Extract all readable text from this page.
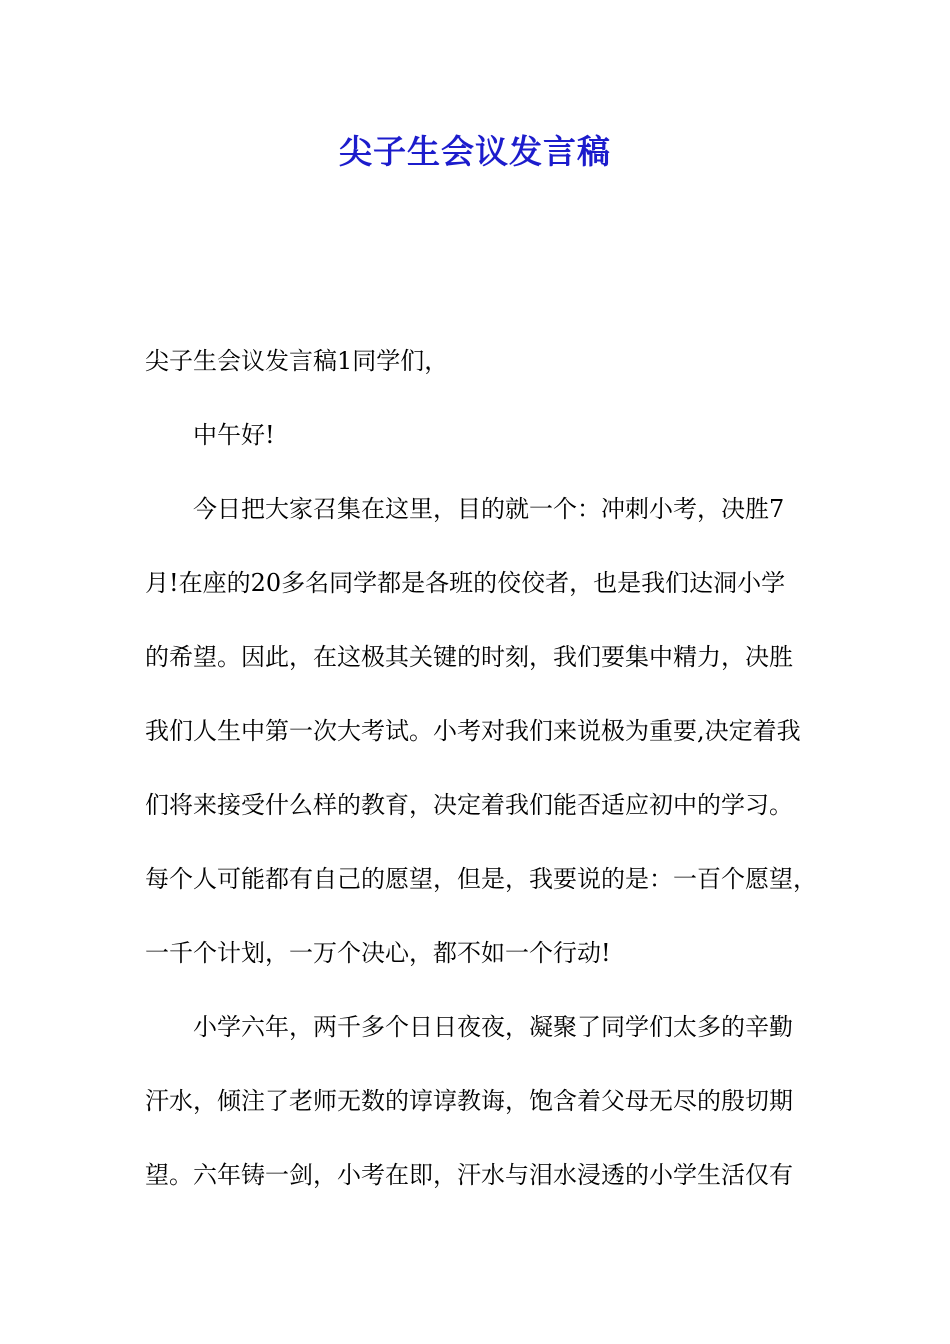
尖子生会议发言稿
尖子生会议发言稿1同学们，
中午好!
今日把大家召集在这里，目的就一个：冲刺小考，决胜7
月!在座的20多名同学都是各班的佼佼者，也是我们达洞小学
的希望。因此，在这极其关键的时刻，我们要集中精力，决胜
我们人生中第一次大考试。小考对我们来说极为重要,决定着我
们将来接受什么样的教育，决定着我们能否适应初中的学习。
每个人可能都有自己的愿望，但是，我要说的是：一百个愿望，
一千个计划，一万个决心，都不如一个行动!
小学六年，两千多个日日夜夜，凝聚了同学们太多的辛勤
汗水，倾注了老师无数的谆谆教诲，饱含着父母无尽的殷切期
望。六年铸一剑，小考在即，汗水与泪水浸透的小学生活仅有
